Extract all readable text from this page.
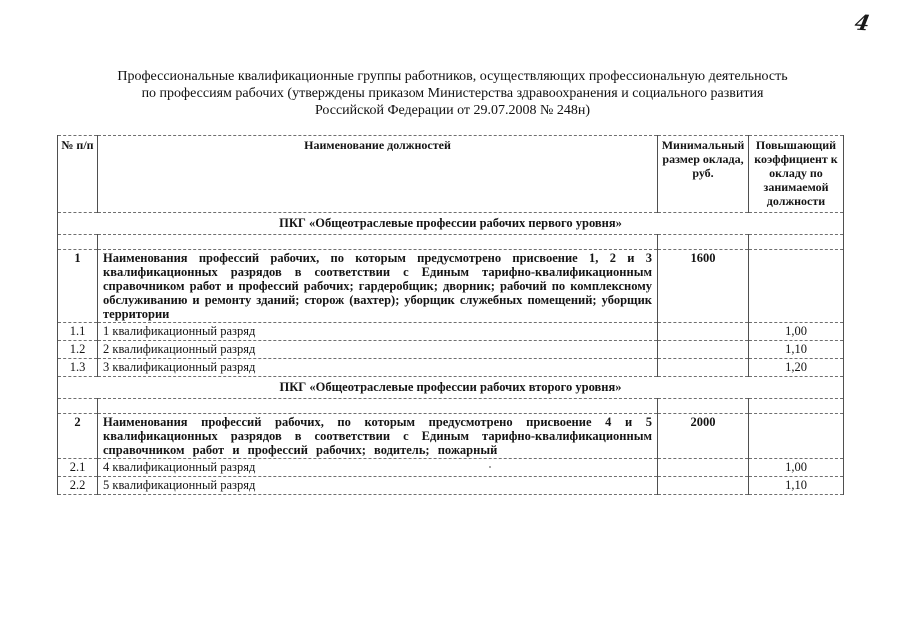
4
Профессиональные квалификационные группы работников, осуществляющих профессиональную деятельность
по профессиям рабочих (утверждены приказом Министерства здравоохранения и социального развития
Российской Федерации от 29.07.2008 № 248н)
№ п/п	Наименование должностей	Минимальный размер оклада, руб.	Повышающий коэффициент к окладу по занимаемой должности
ПКГ «Общеотраслевые профессии рабочих первого уровня»			

1	Наименования профессий рабочих, по которым предусмотрено присвоение 1, 2 и 3 квалификационных разрядов в соответствии с Единым тарифно-квалификационным справочником работ и профессий рабочих; гардеробщик; дворник; рабочий по комплексному обслуживанию и ремонту зданий; сторож (вахтер); уборщик служебных помещений; уборщик территории	1600	
1.1	1 квалификационный разряд		1,00
1.2	2 квалификационный разряд		1,10
1.3	3 квалификационный разряд		1,20
ПКГ «Общеотраслевые профессии рабочих второго уровня»			

2	Наименования профессий рабочих, по которым предусмотрено присвоение 4 и 5 квалификационных разрядов в соответствии с Единым тарифно-квалификационным справочником работ и профессий рабочих; водитель; пожарный	2000	
2.1	4 квалификационный разряд		1,00
2.2	5 квалификационный разряд		1,10
